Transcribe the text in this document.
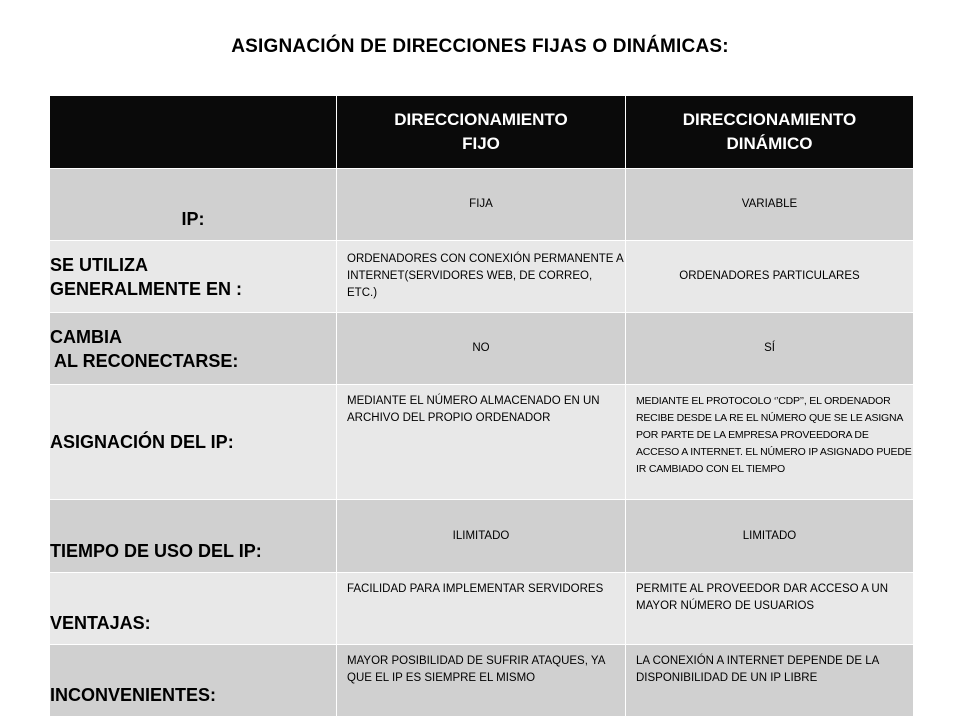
ASIGNACIÓN DE DIRECCIONES FIJAS O DINÁMICAS:

	DIRECCIONAMIENTO
FIJO	DIRECCIONAMIENTO
DINÁMICO

IP:	FIJA	VARIABLE

SE UTILIZA
GENERALMENTE EN :	ORDENADORES CON CONEXIÓN PERMANENTE A INTERNET(SERVIDORES WEB, DE CORREO, ETC.)	ORDENADORES PARTICULARES

CAMBIA
AL RECONECTARSE:	NO	SÍ
ASIGNACIÓN DEL IP:	MEDIANTE EL NÚMERO ALMACENADO EN UN ARCHIVO DEL PROPIO ORDENADOR	MEDIANTE EL PROTOCOLO ‘’CDP’’, EL ORDENADOR RECIBE DESDE LA RE EL NÚMERO QUE SE LE ASIGNA POR PARTE DE LA EMPRESA PROVEEDORA DE ACCESO A INTERNET. EL NÚMERO IP ASIGNADO PUEDE IR CAMBIADO CON EL TIEMPO
TIEMPO DE USO DEL IP:	ILIMITADO	LIMITADO
VENTAJAS:	FACILIDAD PARA IMPLEMENTAR SERVIDORES	PERMITE AL PROVEEDOR DAR ACCESO A UN MAYOR NÚMERO DE USUARIOS
INCONVENIENTES:	MAYOR POSIBILIDAD DE SUFRIR ATAQUES, YA QUE EL IP ES SIEMPRE EL MISMO	LA CONEXIÓN A INTERNET DEPENDE DE LA DISPONIBILIDAD DE UN IP LIBRE
